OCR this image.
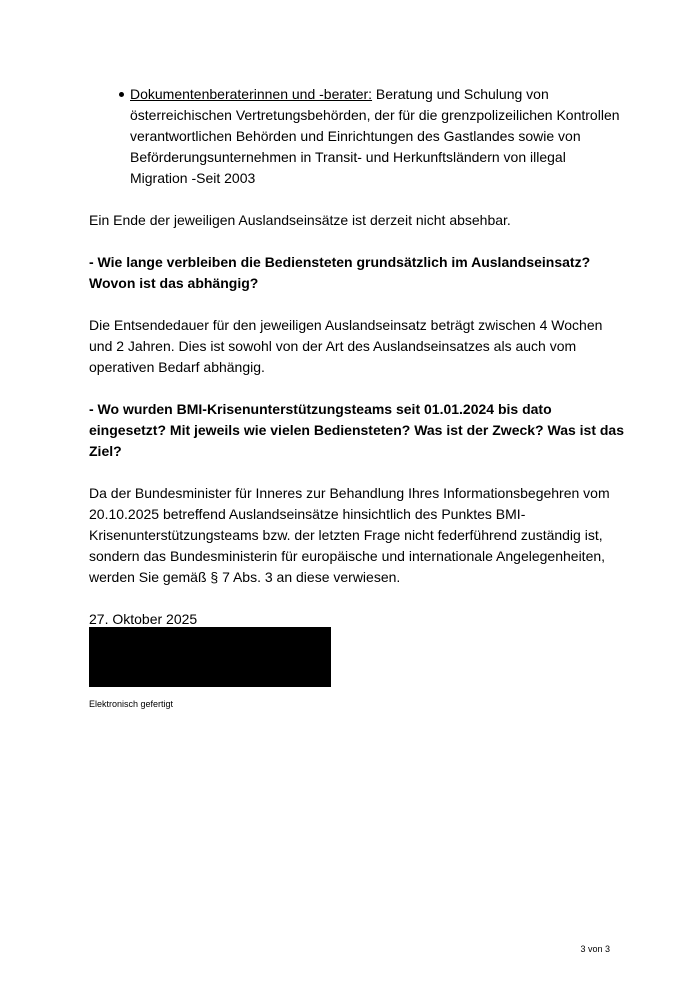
Dokumentenberaterinnen und -berater: Beratung und Schulung von österreichischen Vertretungsbehörden, der für die grenzpolizeilichen Kontrollen verantwortlichen Behörden und Einrichtungen des Gastlandes sowie von Beförderungsunternehmen in Transit- und Herkunftsländern von illegal Migration -Seit 2003

Ein Ende der jeweiligen Auslandseinsätze ist derzeit nicht absehbar.

- Wie lange verbleiben die Bediensteten grundsätzlich im Auslandseinsatz? Wovon ist das abhängig?

Die Entsendedauer für den jeweiligen Auslandseinsatz beträgt zwischen 4 Wochen und 2 Jahren. Dies ist sowohl von der Art des Auslandseinsatzes als auch vom operativen Bedarf abhängig.

- Wo wurden BMI-Krisenunterstützungsteams seit 01.01.2024 bis dato eingesetzt? Mit jeweils wie vielen Bediensteten? Was ist der Zweck? Was ist das Ziel?

Da der Bundesminister für Inneres zur Behandlung Ihres Informationsbegehren vom 20.10.2025 betreffend Auslandseinsätze hinsichtlich des Punktes BMI-Krisenunterstützungsteams bzw. der letzten Frage nicht federführend zuständig ist, sondern das Bundesministerin für europäische und internationale Angelegenheiten, werden Sie gemäß § 7 Abs. 3 an diese verwiesen.

27. Oktober 2025

Elektronisch gefertigt

3 von 3
